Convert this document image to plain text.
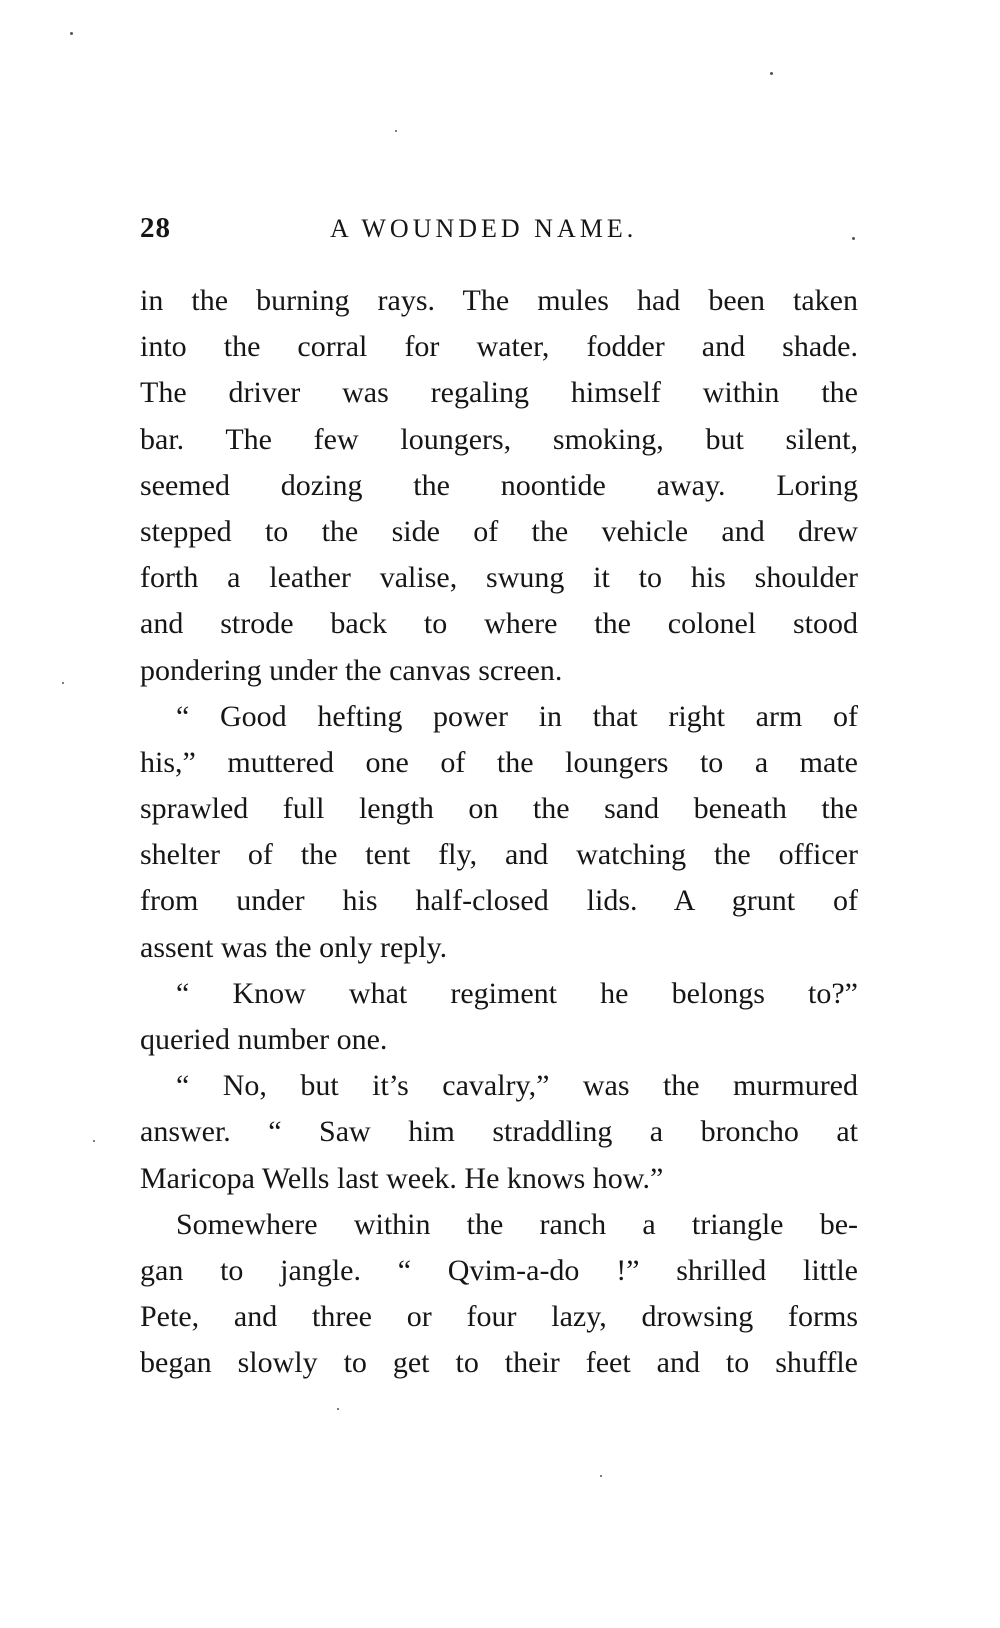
28	A WOUNDED NAME.
in the burning rays. The mules had been taken
into the corral for water, fodder and shade.
The driver was regaling himself within the
bar. The few loungers, smoking, but silent,
seemed dozing the noontide away. Loring
stepped to the side of the vehicle and drew
forth a leather valise, swung it to his shoulder
and strode back to where the colonel stood
pondering under the canvas screen.
“ Good hefting power in that right arm of
his,” muttered one of the loungers to a mate
sprawled full length on the sand beneath the
shelter of the tent fly, and watching the officer
from under his half-closed lids. A grunt of
assent was the only reply.
“ Know what regiment he belongs to?”
queried number one.
“ No, but it’s cavalry,” was the murmured
answer. “ Saw him straddling a broncho at
Maricopa Wells last week. He knows how.”
Somewhere within the ranch a triangle be-
gan to jangle. “ Qvim-a-do !” shrilled little
Pete, and three or four lazy, drowsing forms
began slowly to get to their feet and to shuffle
